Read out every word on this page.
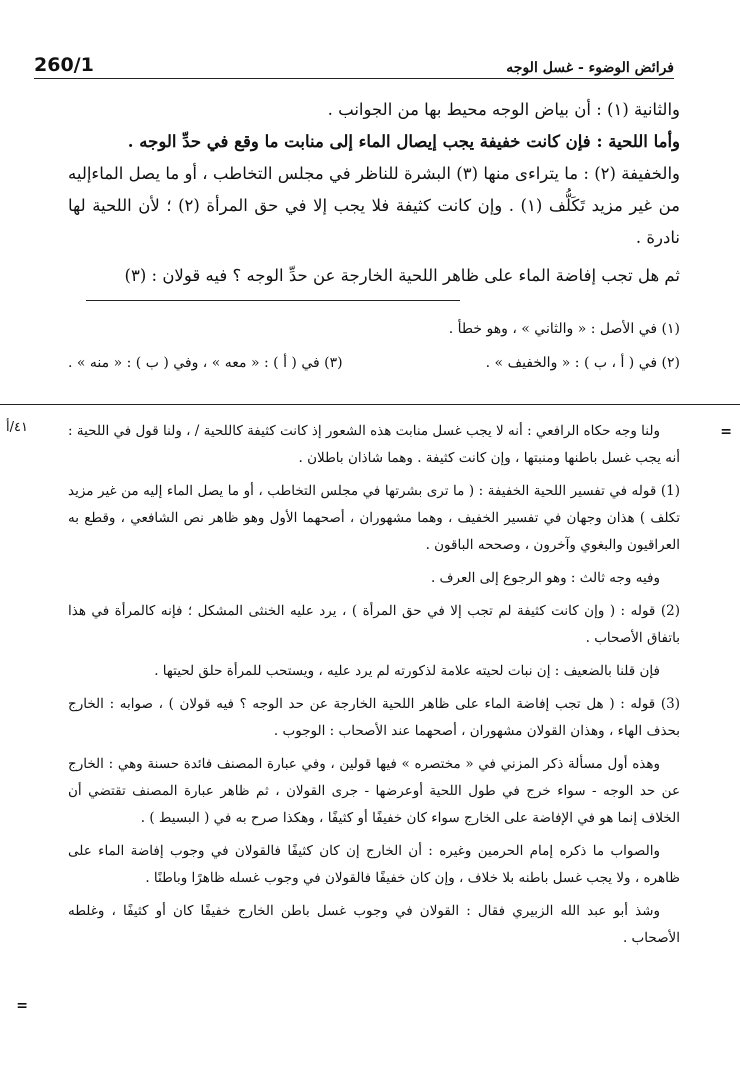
260/1	فرائض الوضوء - غسل الوجه

والثانية (١) : أن بياض الوجه محيط بها من الجوانب .

وأما اللحية : فإن كانت خفيفة يجب إيصال الماء إلى منابت ما وقع في حدِّ الوجه .

والخفيفة (٢) : ما يتراءى منها (٣) البشرة للناظر في مجلس التخاطب ، أو ما يصل الماءإليه من غير مزيد تَكَلُّف (١) . وإن كانت كثيفة فلا يجب إلا في حق المرأة (٢) ؛ لأن اللحية لها نادرة .

ثم هل تجب إفاضة الماء على ظاهر اللحية الخارجة عن حدِّ الوجه ؟ فيه قولان : (٣)

(١) في الأصل : « والثاني » ، وهو خطأ .

(٢) في ( أ ، ب ) : « والخفيف » .

(٣) في ( أ ) : « معه » ، وفي ( ب ) : « منه » .

=
٤١/أ
=

ولنا وجه حكاه الرافعي : أنه لا يجب غسل منابت هذه الشعور إذ كانت كثيفة كاللحية / ، ولنا قول في اللحية : أنه يجب غسل باطنها ومنبتها ، وإن كانت كثيفة . وهما شاذان باطلان .

(1) قوله في تفسير اللحية الخفيفة : ( ما ترى بشرتها في مجلس التخاطب ، أو ما يصل الماء إليه من غير مزيد تكلف ) هذان وجهان في تفسير الخفيف ، وهما مشهوران ، أصحهما الأول وهو ظاهر نص الشافعي ، وقطع به العراقيون والبغوي وآخرون ، وصححه الباقون .

وفيه وجه ثالث : وهو الرجوع إلى العرف .

(2) قوله : ( وإن كانت كثيفة لم تجب إلا في حق المرأة ) ، يرد عليه الخنثى المشكل ؛ فإنه كالمرأة في هذا باتفاق الأصحاب .

فإن قلنا بالضعيف : إن نبات لحيته علامة لذكورته لم يرد عليه ، ويستحب للمرأة حلق لحيتها .

(3) قوله : ( هل تجب إفاضة الماء على ظاهر اللحية الخارجة عن حد الوجه ؟ فيه قولان ) ، صوابه : الخارج بحذف الهاء ، وهذان القولان مشهوران ، أصحهما عند الأصحاب : الوجوب .

وهذه أول مسألة ذكر المزني في « مختصره » فيها قولين ، وفي عبارة المصنف فائدة حسنة وهي : الخارج عن حد الوجه - سواء خرج في طول اللحية أوعرضها - جرى القولان ، ثم ظاهر عبارة المصنف تقتضي أن الخلاف إنما هو في الإفاضة على الخارج سواء كان خفيفًا أو كثيفًا ، وهكذا صرح به في ( البسيط ) .

والصواب ما ذكره إمام الحرمين وغيره : أن الخارج إن كان كثيفًا فالقولان في وجوب إفاضة الماء على ظاهره ، ولا يجب غسل باطنه بلا خلاف ، وإن كان خفيفًا فالقولان في وجوب غسله ظاهرًا وباطنًا .

وشذ أبو عبد الله الزبيري فقال : القولان في وجوب غسل باطن الخارج خفيفًا كان أو كثيفًا ، وغلطه الأصحاب .
